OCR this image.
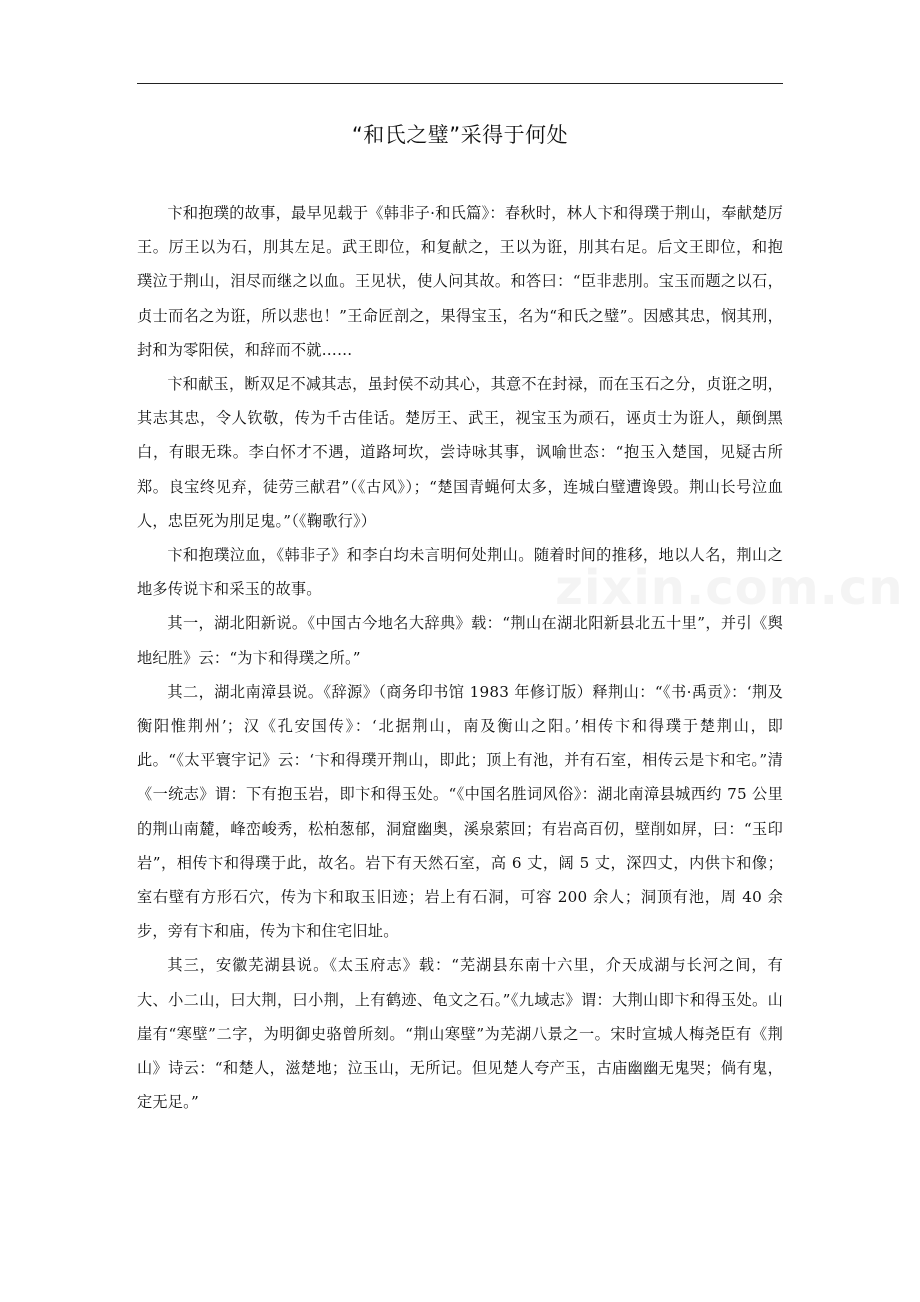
“和氏之璧”采得于何处

卞和抱璞的故事，最早见载于《韩非子·和氏篇》：春秋时，林人卞和得璞于荆山，奉献楚厉王。厉王以为石，刖其左足。武王即位，和复献之，王以为诳，刖其右足。后文王即位，和抱璞泣于荆山，泪尽而继之以血。王见状，使人问其故。和答曰：“臣非悲刖。宝玉而题之以石，贞士而名之为诳，所以悲也！”王命匠剖之，果得宝玉，名为“和氏之璧”。因感其忠，悯其刑，封和为零阳侯，和辞而不就……

卞和献玉，断双足不减其志，虽封侯不动其心，其意不在封禄，而在玉石之分，贞诳之明，其志其忠，令人钦敬，传为千古佳话。楚厉王、武王，视宝玉为顽石，诬贞士为诳人，颠倒黑白，有眼无珠。李白怀才不遇，道路坷坎，尝诗咏其事，讽喻世态：“抱玉入楚国，见疑古所郑。良宝终见弃，徒劳三献君”（《古风》）；“楚国青蝇何太多，连城白璧遭谗毁。荆山长号泣血人，忠臣死为刖足鬼。”（《鞠歌行》）

卞和抱璞泣血，《韩非子》和李白均未言明何处荆山。随着时间的推移，地以人名，荆山之地多传说卞和采玉的故事。

其一，湖北阳新说。《中国古今地名大辞典》载：“荆山在湖北阳新县北五十里”，并引《舆地纪胜》云：“为卞和得璞之所。”

其二，湖北南漳县说。《辞源》（商务印书馆 1983 年修订版）释荆山：“《书·禹贡》：‘荆及衡阳惟荆州’；汉《孔安国传》：‘北据荆山，南及衡山之阳。’相传卞和得璞于楚荆山，即此。“《太平寰宇记》云：‘卞和得璞开荆山，即此；顶上有池，并有石室，相传云是卞和宅。”清《一统志》谓：下有抱玉岩，即卞和得玉处。“《中国名胜词风俗》：湖北南漳县城西约 75 公里的荆山南麓，峰峦峻秀，松柏葱郁，洞窟幽奥，溪泉萦回；有岩高百仞，壁削如屏，曰：“玉印岩”，相传卞和得璞于此，故名。岩下有天然石室，高 6 丈，阔 5 丈，深四丈，内供卞和像；室右壁有方形石穴，传为卞和取玉旧迹；岩上有石洞，可容 200 余人；洞顶有池，周 40 余步，旁有卞和庙，传为卞和住宅旧址。

其三，安徽芜湖县说。《太玉府志》载：“芜湖县东南十六里，介天成湖与长河之间，有大、小二山，曰大荆，曰小荆，上有鹤迹、龟文之石。”《九域志》谓：大荆山即卞和得玉处。山崖有“寒壁”二字，为明御史骆曾所刻。“荆山寒壁”为芜湖八景之一。宋时宣城人梅尧臣有《荆山》诗云：“和楚人，滋楚地；泣玉山，无所记。但见楚人夸产玉，古庙幽幽无鬼哭；倘有鬼，定无足。”

zixin.com.cn
